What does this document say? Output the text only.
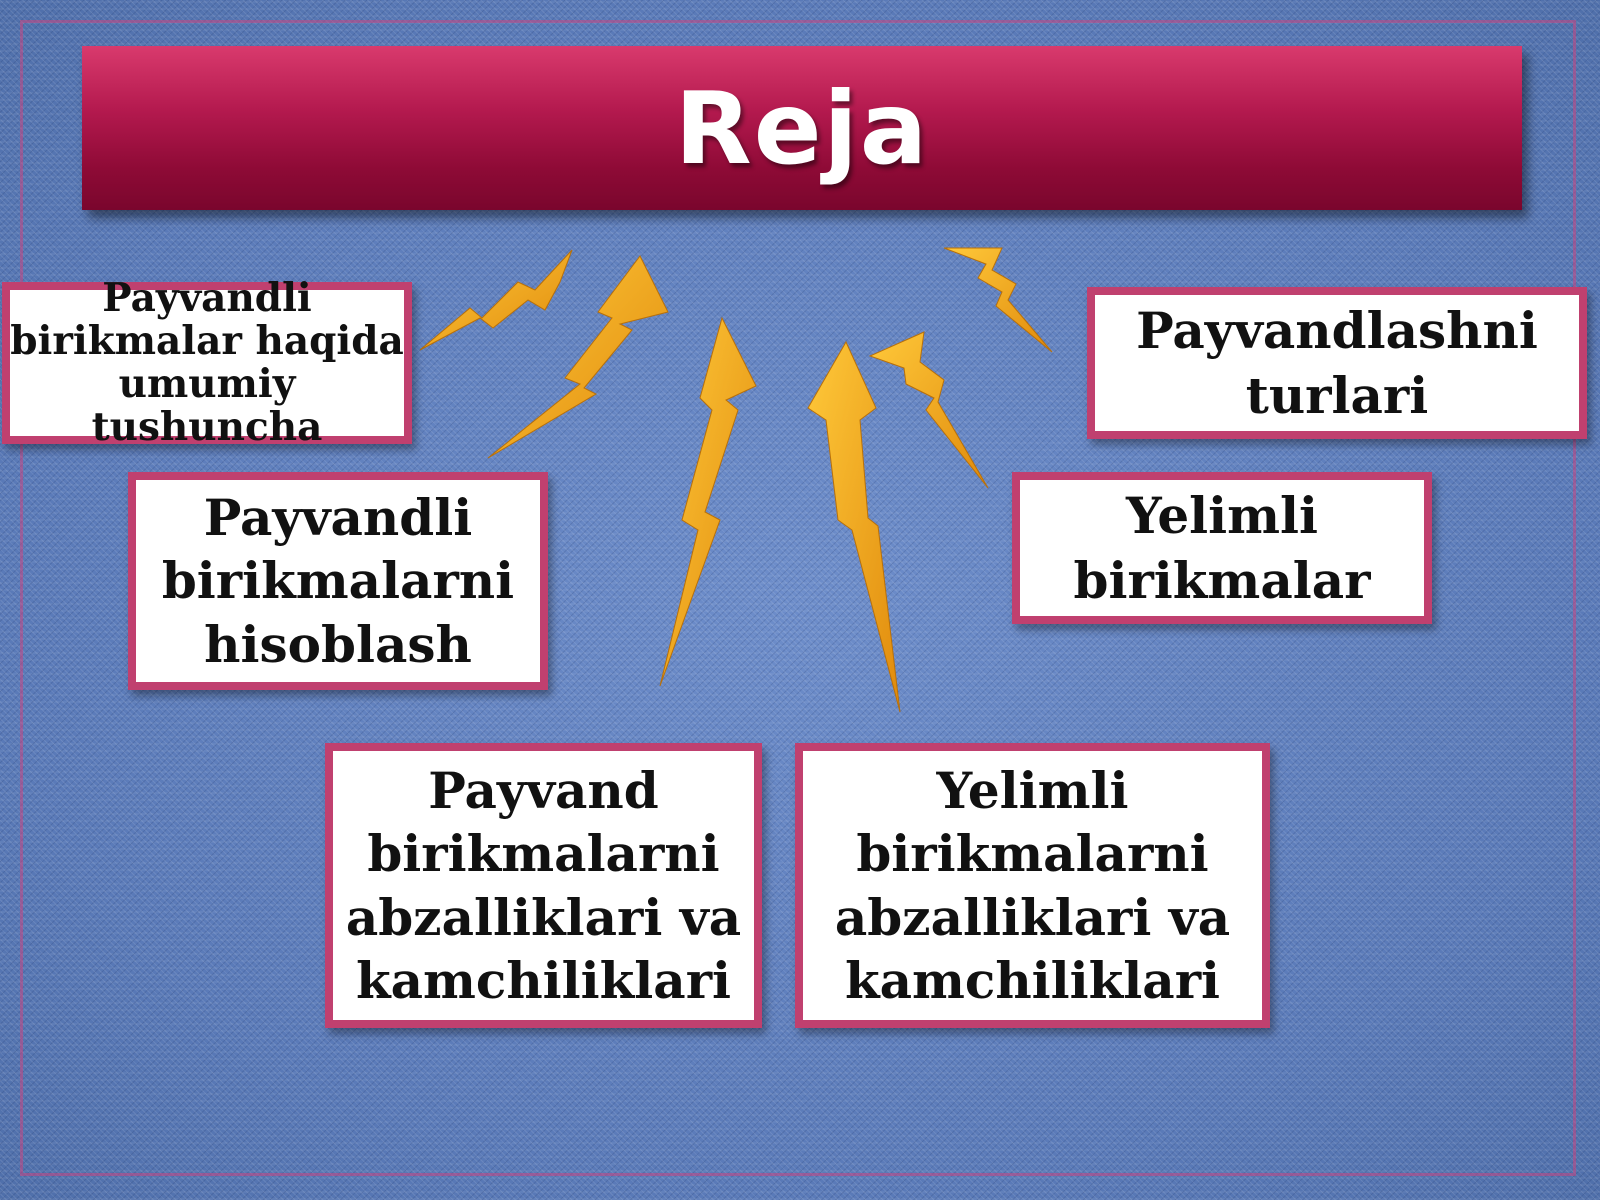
Reja
Payvandli birikmalar haqida umumiy tushuncha
Payvandlashni turlari
Payvandli birikmalarni hisoblash
Yelimli birikmalar
Payvand birikmalarni abzalliklari va kamchiliklari
Yelimli birikmalarni abzalliklari va kamchiliklari
